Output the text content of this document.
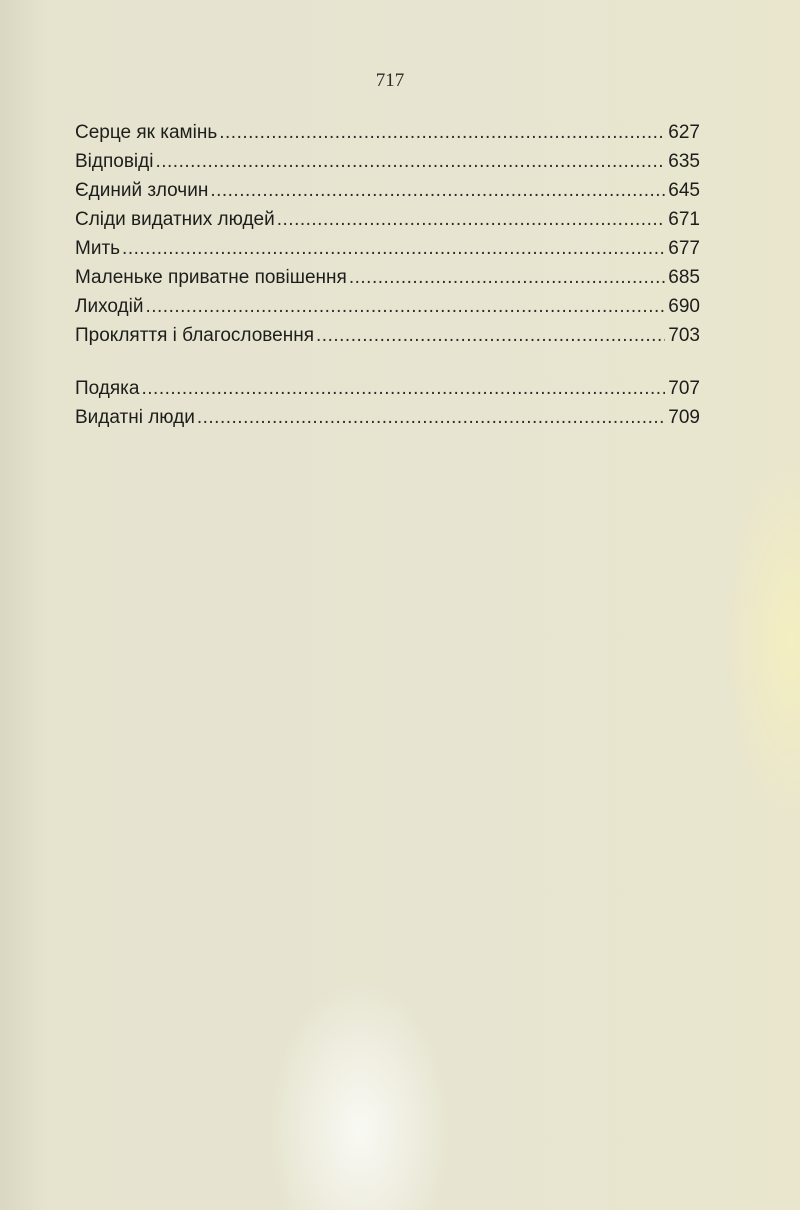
717
Серце як камінь .....	627
Відповіді .....	635
Єдиний злочин .....	645
Сліди видатних людей .....	671
Мить .....	677
Маленьке приватне повішення .....	685
Лиходій .....	690
Прокляття і благословення .....	703
Подяка .....	707
Видатні люди .....	709
